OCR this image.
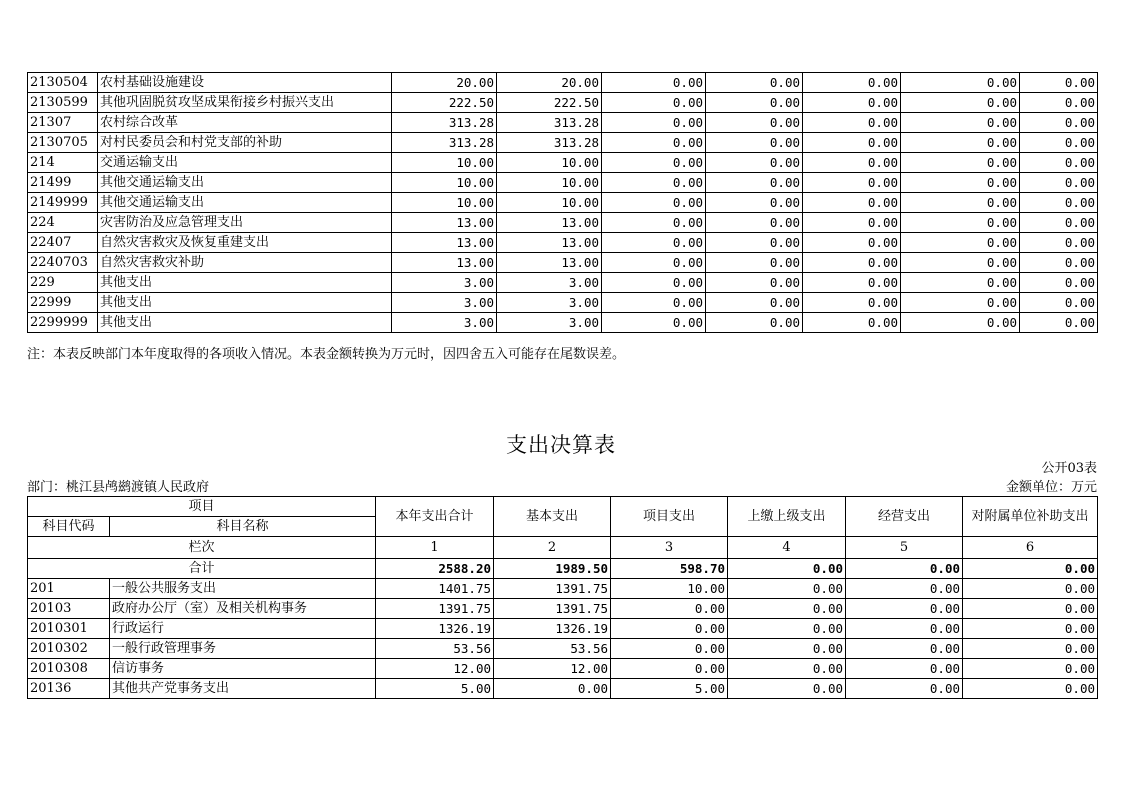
2130504	农村基础设施建设	20.00	20.00	0.00	0.00	0.00	0.00	0.00
2130599	其他巩固脱贫攻坚成果衔接乡村振兴支出	222.50	222.50	0.00	0.00	0.00	0.00	0.00
21307	农村综合改革	313.28	313.28	0.00	0.00	0.00	0.00	0.00
2130705	对村民委员会和村党支部的补助	313.28	313.28	0.00	0.00	0.00	0.00	0.00
214	交通运输支出	10.00	10.00	0.00	0.00	0.00	0.00	0.00
21499	其他交通运输支出	10.00	10.00	0.00	0.00	0.00	0.00	0.00
2149999	其他交通运输支出	10.00	10.00	0.00	0.00	0.00	0.00	0.00
224	灾害防治及应急管理支出	13.00	13.00	0.00	0.00	0.00	0.00	0.00
22407	自然灾害救灾及恢复重建支出	13.00	13.00	0.00	0.00	0.00	0.00	0.00
2240703	自然灾害救灾补助	13.00	13.00	0.00	0.00	0.00	0.00	0.00
229	其他支出	3.00	3.00	0.00	0.00	0.00	0.00	0.00
22999	其他支出	3.00	3.00	0.00	0.00	0.00	0.00	0.00
2299999	其他支出	3.00	3.00	0.00	0.00	0.00	0.00	0.00
注：本表反映部门本年度取得的各项收入情况。本表金额转换为万元时，因四舍五入可能存在尾数误差。
支出决算表
公开03表
部门：桃江县鸬鹚渡镇人民政府	金额单位：万元
项目		本年支出合计	基本支出	项目支出	上缴上级支出	经营支出	对附属单位补助支出
科目代码	科目名称						
栏次		1	2	3	4	5	6
合计		2588.20	1989.50	598.70	0.00	0.00	0.00
201	一般公共服务支出	1401.75	1391.75	10.00	0.00	0.00	0.00
20103	政府办公厅（室）及相关机构事务	1391.75	1391.75	0.00	0.00	0.00	0.00
2010301	行政运行	1326.19	1326.19	0.00	0.00	0.00	0.00
2010302	一般行政管理事务	53.56	53.56	0.00	0.00	0.00	0.00
2010308	信访事务	12.00	12.00	0.00	0.00	0.00	0.00
20136	其他共产党事务支出	5.00	0.00	5.00	0.00	0.00	0.00
